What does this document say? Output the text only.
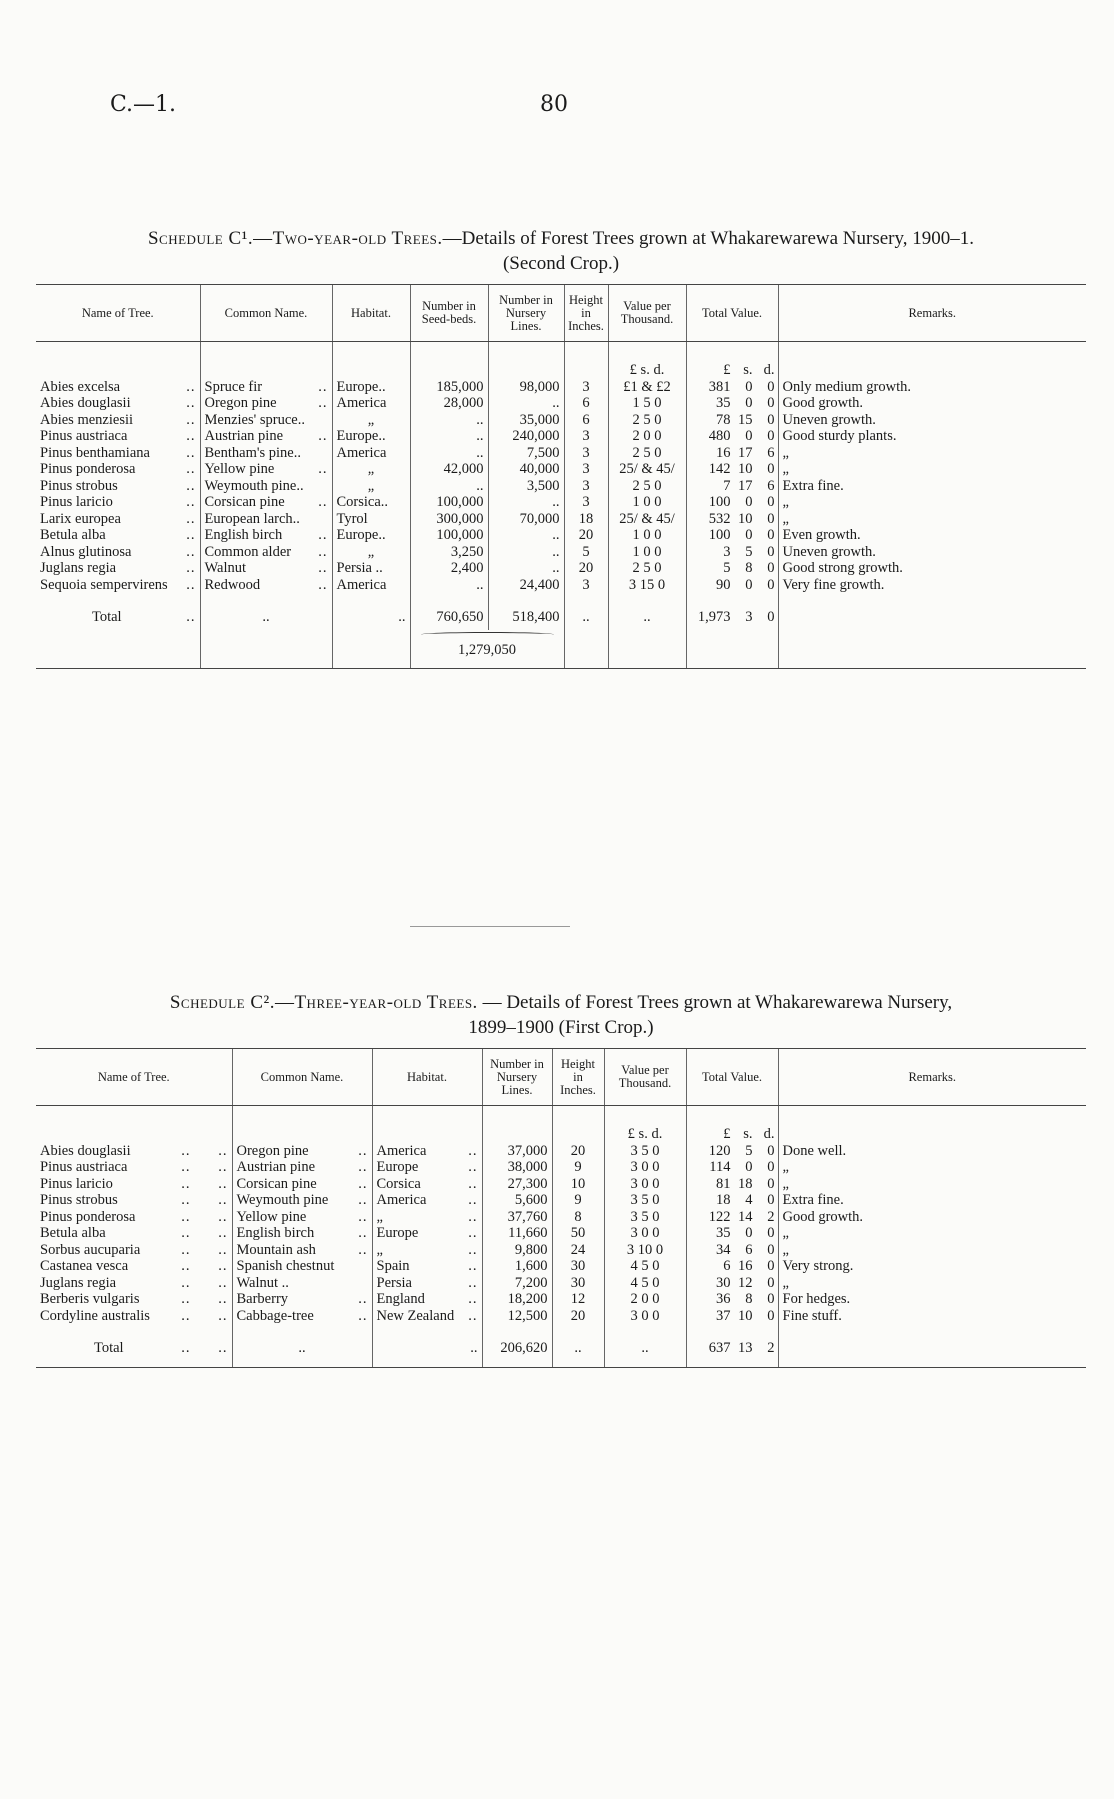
C.—1.	80
Schedule C¹.—Two-year-old Trees.—Details of Forest Trees grown at Whakarewarewa Nursery, 1900–1.
(Second Crop.)
Name of Tree.	Common Name.	Habitat.	Number in Seed-beds.	Number in Nursery Lines.	Height in Inches.	Value per Thousand.	Total Value.	Remarks.
						£ s. d.	£ s. d.	
Abies excelsa ..	Spruce fir ..	Europe..	185,000	98,000	3	£1 & £2	381 0 0	Only medium growth.
Abies douglasii ..	Oregon pine ..	America	28,000	..	6	1 5 0	35 0 0	Good growth.
Abies menziesii ..	Menzies' spruce..	„	..	35,000	6	2 5 0	78 15 0	Uneven growth.
Pinus austriaca ..	Austrian pine ..	Europe..	..	240,000	3	2 0 0	480 0 0	Good sturdy plants.
Pinus benthamiana ..	Bentham's pine..	America	..	7,500	3	2 5 0	16 17 6	„
Pinus ponderosa ..	Yellow pine ..	„	42,000	40,000	3	25/ & 45/	142 10 0	„
Pinus strobus ..	Weymouth pine..	„	..	3,500	3	2 5 0	7 17 6	Extra fine.
Pinus laricio ..	Corsican pine ..	Corsica..	100,000	..	3	1 0 0	100 0 0	„
Larix europea ..	European larch..	Tyrol	300,000	70,000	18	25/ & 45/	532 10 0	„
Betula alba ..	English birch ..	Europe..	100,000	..	20	1 0 0	100 0 0	Even growth.
Alnus glutinosa ..	Common alder ..	„	3,250	..	5	1 0 0	3 5 0	Uneven growth.
Juglans regia ..	Walnut ..	Persia ..	2,400	..	20	2 5 0	5 8 0	Good strong growth.
Sequoia sempervirens ..	Redwood ..	America	..	24,400	3	3 15 0	90 0 0	Very fine growth.
Total ..	..	..	760,650	518,400	..	..	1,973 3 0	

1,279,050					
Schedule C².—Three-year-old Trees. — Details of Forest Trees grown at Whakarewarewa Nursery,
1899–1900 (First Crop.)
Name of Tree.	Common Name.	Habitat.	Number in Nursery Lines.	Height in Inches.	Value per Thousand.	Total Value.	Remarks.
					£ s. d.	£ s. d.	
Abies douglasii ..      ..	Oregon pine ..	America ..	37,000	20	3 5 0	120 5 0	Done well.
Pinus austriaca ..      ..	Austrian pine ..	Europe ..	38,000	9	3 0 0	114 0 0	„
Pinus laricio ..      ..	Corsican pine ..	Corsica ..	27,300	10	3 0 0	81 18 0	„
Pinus strobus ..      ..	Weymouth pine ..	America ..	5,600	9	3 5 0	18 4 0	Extra fine.
Pinus ponderosa ..      ..	Yellow pine ..	„ ..	37,760	8	3 5 0	122 14 2	Good growth.
Betula alba ..      ..	English birch ..	Europe ..	11,660	50	3 0 0	35 0 0	„
Sorbus aucuparia ..      ..	Mountain ash ..	„ ..	9,800	24	3 10 0	34 6 0	„
Castanea vesca ..      ..	Spanish chestnut	Spain ..	1,600	30	4 5 0	6 16 0	Very strong.
Juglans regia ..      ..	Walnut ..	Persia ..	7,200	30	4 5 0	30 12 0	„
Berberis vulgaris ..      ..	Barberry ..	England ..	18,200	12	2 0 0	36 8 0	For hedges.
Cordyline australis ..      ..	Cabbage-tree ..	New Zealand ..	12,500	20	3 0 0	37 10 0	Fine stuff.
Total ..      ..	..	..	206,620	..	..	637 13 2	
